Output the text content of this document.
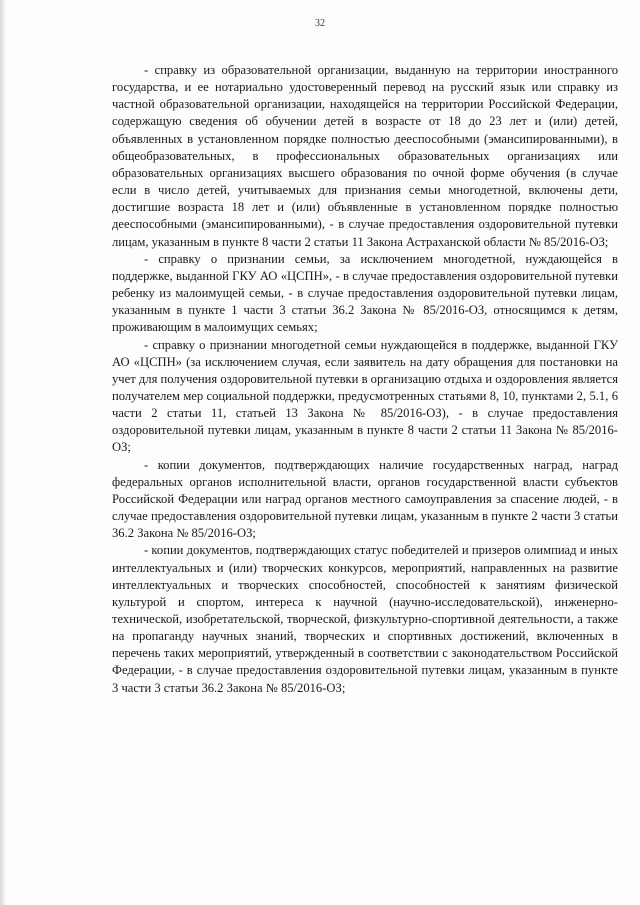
32

- справку из образовательной организации, выданную на территории иностранного государства, и ее нотариально удостоверенный перевод на русский язык или справку из частной образовательной организации, находящейся на территории Российской Федерации, содержащую сведения об обучении детей в возрасте от 18 до 23 лет и (или) детей, объявленных в установленном порядке полностью дееспособными (эмансипированными), в общеобразовательных, в профессиональных образовательных организациях или образовательных организациях высшего образования по очной форме обучения (в случае если в число детей, учитываемых для признания семьи многодетной, включены дети, достигшие возраста 18 лет и (или) объявленные в установленном порядке полностью дееспособными (эмансипированными), - в случае предоставления оздоровительной путевки лицам, указанным в пункте 8 части 2 статьи 11 Закона Астраханской области № 85/2016-ОЗ;

- справку о признании семьи, за исключением многодетной, нуждающейся в поддержке, выданной ГКУ АО «ЦСПН», - в случае предоставления оздоровительной путевки ребенку из малоимущей семьи, - в случае предоставления оздоровительной путевки лицам, указанным в пункте 1 части 3 статьи 36.2 Закона № 85/2016-ОЗ, относящимся к детям, проживающим в малоимущих семьях;

- справку о признании многодетной семьи нуждающейся в поддержке, выданной ГКУ АО «ЦСПН» (за исключением случая, если заявитель на дату обращения для постановки на учет для получения оздоровительной путевки в организацию отдыха и оздоровления является получателем мер социальной поддержки, предусмотренных статьями 8, 10, пунктами 2, 5.1, 6 части 2 статьи 11, статьей 13 Закона № 85/2016-ОЗ), - в случае предоставления оздоровительной путевки лицам, указанным в пункте 8 части 2 статьи 11 Закона № 85/2016-ОЗ;

- копии документов, подтверждающих наличие государственных наград, наград федеральных органов исполнительной власти, органов государственной власти субъектов Российской Федерации или наград органов местного самоуправления за спасение людей, - в случае предоставления оздоровительной путевки лицам, указанным в пункте 2 части 3 статьи 36.2 Закона № 85/2016-ОЗ;

- копии документов, подтверждающих статус победителей и призеров олимпиад и иных интеллектуальных и (или) творческих конкурсов, мероприятий, направленных на развитие интеллектуальных и творческих способностей, способностей к занятиям физической культурой и спортом, интереса к научной (научно-исследовательской), инженерно-технической, изобретательской, творческой, физкультурно-спортивной деятельности, а также на пропаганду научных знаний, творческих и спортивных достижений, включенных в перечень таких мероприятий, утвержденный в соответствии с законодательством Российской Федерации, - в случае предоставления оздоровительной путевки лицам, указанным в пункте 3 части 3 статьи 36.2 Закона № 85/2016-ОЗ;
